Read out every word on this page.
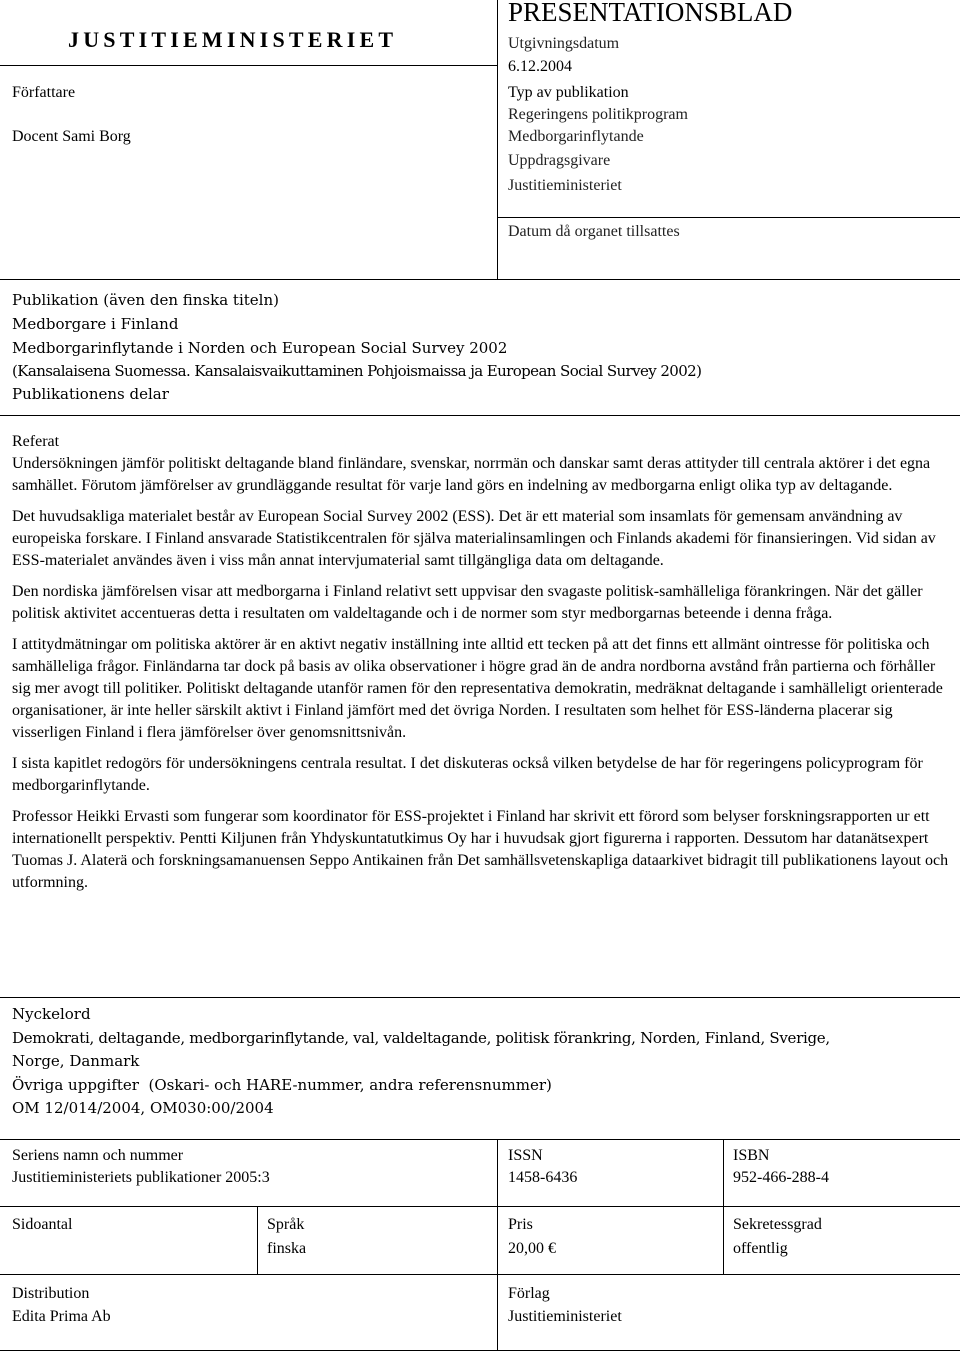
JUSTITIEMINISTERIET
PRESENTATIONSBLAD
Utgivningsdatum
6.12.2004
Författare
Docent Sami Borg
Typ av publikation
Regeringens politikprogram
Medborgarinflytande
Uppdragsgivare
Justitieministeriet
Datum då organet tillsattes
Publikation (även den finska titeln)
Medborgare i Finland
Medborgarinflytande i Norden och European Social Survey 2002
(Kansalaisena Suomessa. Kansalaisvaikuttaminen Pohjoismaissa ja European Social Survey 2002)
Publikationens delar
Referat

Undersökningen jämför politiskt deltagande bland finländare, svenskar, norrmän och danskar samt deras attityder till centrala aktörer i det egna samhället. Förutom jämförelser av grundläggande resultat för varje land görs en indelning av medborgarna enligt olika typ av deltagande.

Det huvudsakliga materialet består av European Social Survey 2002 (ESS). Det är ett material som insamlats för gemensam användning av europeiska forskare. I Finland ansvarade Statistikcentralen för själva materialinsamlingen och Finlands akademi för finansieringen. Vid sidan av ESS-materialet användes även i viss mån annat intervjumaterial samt tillgängliga data om deltagande.

Den nordiska jämförelsen visar att medborgarna i Finland relativt sett uppvisar den svagaste politisk-samhälleliga förankringen. När det gäller politisk aktivitet accentueras detta i resultaten om valdeltagande och i de normer som styr medborgarnas beteende i denna fråga.

I attitydmätningar om politiska aktörer är en aktivt negativ inställning inte alltid ett tecken på att det finns ett allmänt ointresse för politiska och samhälleliga frågor. Finländarna tar dock på basis av olika observationer i högre grad än de andra nordborna avstånd från partierna och förhåller sig mer avogt till politiker. Politiskt deltagande utanför ramen för den representativa demokratin, medräknat deltagande i samhälleligt orienterade organisationer, är inte heller särskilt aktivt i Finland jämfört med det övriga Norden. I resultaten som helhet för ESS-länderna placerar sig visserligen Finland i flera jämförelser över genomsnittsnivån.

I sista kapitlet redogörs för undersökningens centrala resultat. I det diskuteras också vilken betydelse de har för regeringens policyprogram för medborgarinflytande.

Professor Heikki Ervasti som fungerar som koordinator för ESS-projektet i Finland har skrivit ett förord som belyser forskningsrapporten ur ett internationellt perspektiv. Pentti Kiljunen från Yhdyskuntatutkimus Oy har i huvudsak gjort figurerna i rapporten. Dessutom har datanätsexpert Tuomas J. Alaterä och forskningsamanuensen Seppo Antikainen från Det samhällsvetenskapliga dataarkivet bidragit till publikationens layout och utformning.

Nyckelord
Demokrati, deltagande, medborgarinflytande, val, valdeltagande, politisk förankring, Norden, Finland, Sverige,
Norge, Danmark
Övriga uppgifter  (Oskari- och HARE-nummer, andra referensnummer)
OM 12/014/2004, OM030:00/2004
Seriens namn och nummer
Justitieministeriets publikationer 2005:3
ISSN
1458-6436
ISBN
952-466-288-4
Sidoantal	Språk
finska
Pris
20,00 €
Sekretessgrad
offentlig
Distribution
Edita Prima Ab
Förlag
Justitieministeriet
